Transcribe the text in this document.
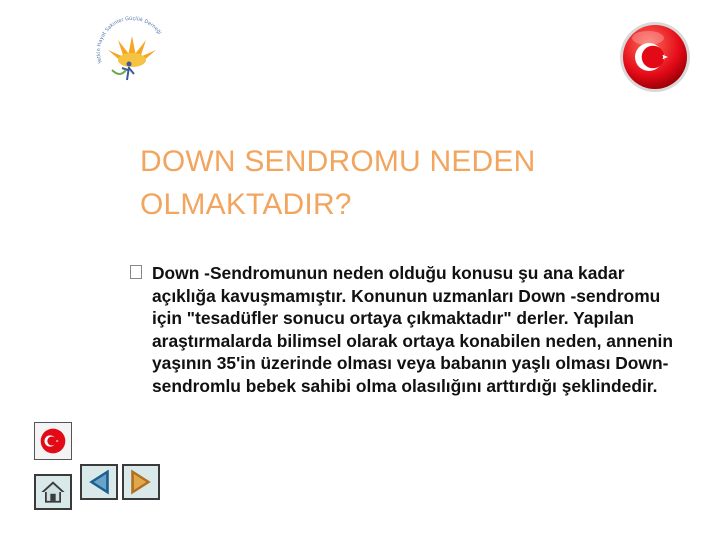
Yetkin Hayat Sakinler Güçlük Derneği
DOWN SENDROMU NEDEN
OLMAKTADIR?
Down -Sendromunun neden olduğu konusu şu ana kadar açıklığa kavuşmamıştır. Konunun uzmanları Down -sendromu için "tesadüfler sonucu ortaya çıkmaktadır" derler. Yapılan araştırmalarda bilimsel olarak ortaya konabilen neden, annenin yaşının 35'in üzerinde olması veya babanın yaşlı olması Down-sendromlu bebek sahibi olma olasılığını arttırdığı şeklindedir.
